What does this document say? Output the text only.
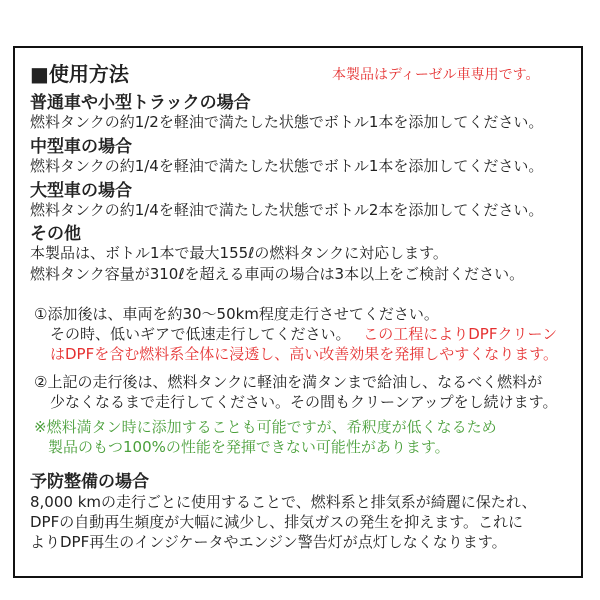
■使用方法	本製品はディーゼル車専用です。
普通車や小型トラックの場合
燃料タンクの約1/2を軽油で満たした状態でボトル1本を添加してください。
中型車の場合
燃料タンクの約1/4を軽油で満たした状態でボトル1本を添加してください。
大型車の場合
燃料タンクの約1/4を軽油で満たした状態でボトル2本を添加してください。
その他
本製品は、ボトル1本で最大155ℓの燃料タンクに対応します。
燃料タンク容量が310ℓを超える車両の場合は3本以上をご検討ください。
①添加後は、車両を約30～50km程度走行させてください。
その時、低いギアで低速走行してください。 この工程によりDPFクリーン
はDPFを含む燃料系全体に浸透し、高い改善効果を発揮しやすくなります。
②上記の走行後は、燃料タンクに軽油を満タンまで給油し、なるべく燃料が
少なくなるまで走行してください。その間もクリーンアップをし続けます。
※燃料満タン時に添加することも可能ですが、希釈度が低くなるため
製品のもつ100%の性能を発揮できない可能性があります。
予防整備の場合
8,000 kmの走行ごとに使用することで、燃料系と排気系が綺麗に保たれ、
DPFの自動再生頻度が大幅に減少し、排気ガスの発生を抑えます。これに
よりDPF再生のインジケータやエンジン警告灯が点灯しなくなります。
